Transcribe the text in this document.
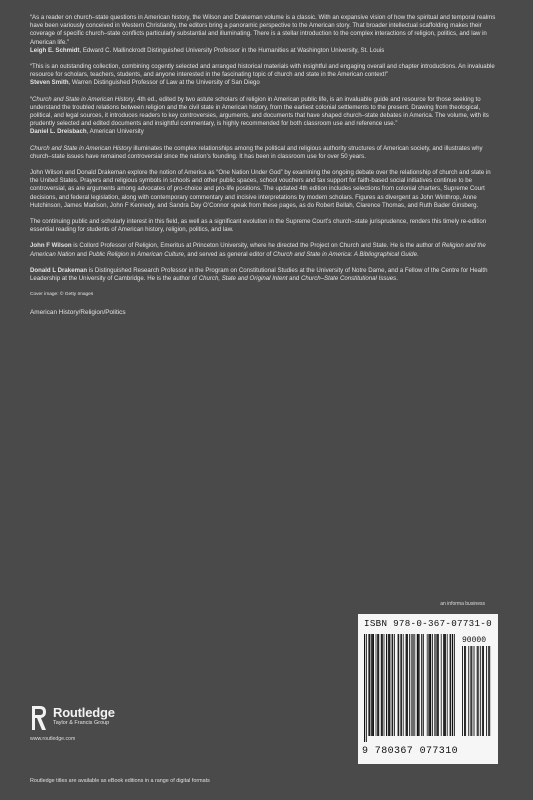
“As a reader on church–state questions in American history, the Wilson and Drakeman volume is a classic. With an expansive vision of how the spiritual and temporal realms have been variously conceived in Western Christianity, the editors bring a panoramic perspective to the American story. That broader intellectual scaffolding makes their coverage of specific church–state conflicts particularly substantial and illuminating. There is a stellar introduction to the complex interactions of religion, politics, and law in American life.”

Leigh E. Schmidt, Edward C. Mallinckrodt Distinguished University Professor in the Humanities at Washington University, St. Louis

“This is an outstanding collection, combining cogently selected and arranged historical materials with insightful and engaging overall and chapter introductions. An invaluable resource for scholars, teachers, students, and anyone interested in the fascinating topic of church and state in the American context!”

Steven Smith, Warren Distinguished Professor of Law at the University of San Diego

“Church and State in American History, 4th ed., edited by two astute scholars of religion in American public life, is an invaluable guide and resource for those seeking to understand the troubled relations between religion and the civil state in American history, from the earliest colonial settlements to the present. Drawing from theological, political, and legal sources, it introduces readers to key controversies, arguments, and documents that have shaped church–state debates in America. The volume, with its prudently selected and edited documents and insightful commentary, is highly recommended for both classroom use and reference use.”

Daniel L. Dreisbach, American University

Church and State in American History illuminates the complex relationships among the political and religious authority structures of American society, and illustrates why church–state issues have remained controversial since the nation’s founding. It has been in classroom use for over 50 years.

John Wilson and Donald Drakeman explore the notion of America as “One Nation Under God” by examining the ongoing debate over the relationship of church and state in the United States. Prayers and religious symbols in schools and other public spaces, school vouchers and tax support for faith-based social initiatives continue to be controversial, as are arguments among advocates of pro-choice and pro-life positions. The updated 4th edition includes selections from colonial charters, Supreme Court decisions, and federal legislation, along with contemporary commentary and incisive interpretations by modern scholars. Figures as divergent as John Winthrop, Anne Hutchinson, James Madison, John F Kennedy, and Sandra Day O’Connor speak from these pages, as do Robert Bellah, Clarence Thomas, and Ruth Bader Ginsberg.

The continuing public and scholarly interest in this field, as well as a significant evolution in the Supreme Court’s church–state jurisprudence, renders this timely re-edition essential reading for students of American history, religion, politics, and law.

John F Wilson is Collord Professor of Religion, Emeritus at Princeton University, where he directed the Project on Church and State. He is the author of Religion and the American Nation and Public Religion in American Culture, and served as general editor of Church and State in America: A Bibliographical Guide.

Donald L Drakeman is Distinguished Research Professor in the Program on Constitutional Studies at the University of Notre Dame, and a Fellow of the Centre for Health Leadership at the University of Cambridge. He is the author of Church, State and Original Intent and Church–State Constitutional Issues.

Cover image: © Getty Images

American History/Religion/Politics

an informa business
Routledge
Taylor & Francis Group
www.routledge.com
ISBN 978-0-367-07731-0
90000
9 780367 077310
Routledge titles are available as eBook editions in a range of digital formats
